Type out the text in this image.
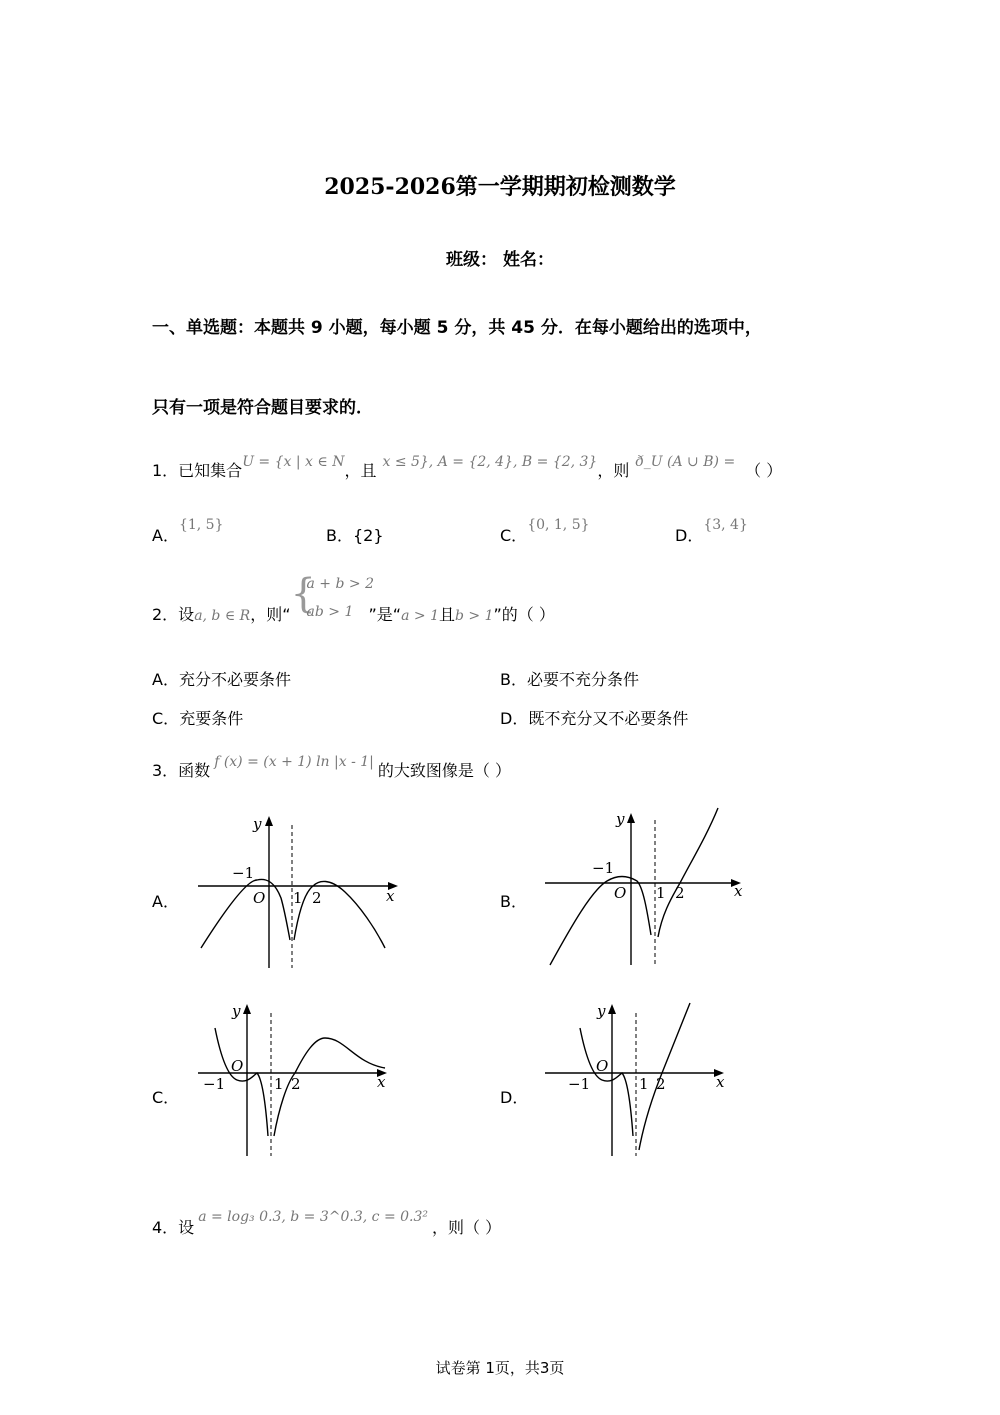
2025-2026第一学期期初检测数学
班级： 姓名：
一、单选题：本题共 9 小题，每小题 5 分，共 45 分．在每小题给出的选项中，
只有一项是符合题目要求的．
1．已知集合U = {x | x ∈ N，且 x ≤ 5}, A = {2, 4}, B = {2, 3}，则 ð_U (A ∪ B) = （ ）
A．{1, 5}
B．{2}	C．{0, 1, 5}
D．{3, 4}
2．设a, b ∈ R，则“ {
a + b > 2
ab > 1 ”是“a > 1且b > 1”的（ ）
A．充分不必要条件	B．必要不充分条件
C．充要条件	D．既不充分又不必要条件
3．函数 f (x) = (x + 1) ln |x - 1| 的大致图像是（ ）
A．	B．
C．	D．
y
x
O
−1
1 2
y
x
O
−1
1 2
y
x
O
−1	1 2
y
x
O
−1	1 2
4．设a = log₃ 0.3, b = 3^0.3, c = 0.3²，则（ ）
试卷第 1页，共3页
